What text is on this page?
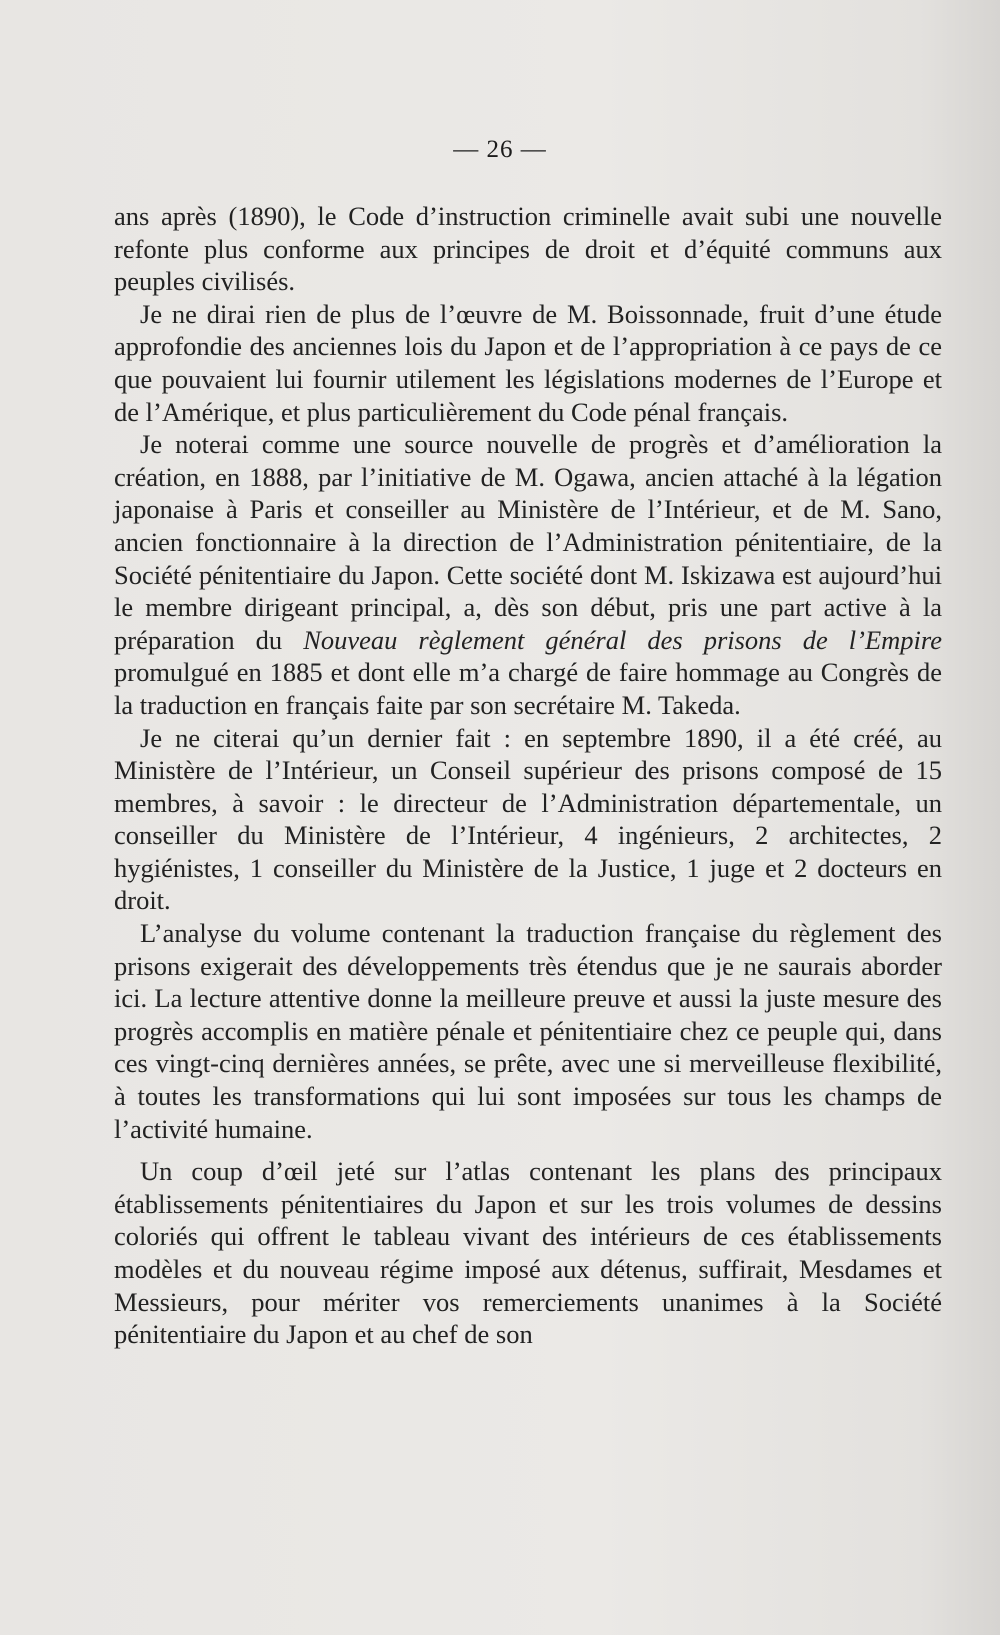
— 26 —

ans après (1890), le Code d’instruction criminelle avait subi une nouvelle refonte plus conforme aux principes de droit et d’équité communs aux peuples civilisés.

Je ne dirai rien de plus de l’œuvre de M. Boissonnade, fruit d’une étude approfondie des anciennes lois du Japon et de l’appropriation à ce pays de ce que pouvaient lui fournir utilement les législations modernes de l’Europe et de l’Amérique, et plus particulièrement du Code pénal français.

Je noterai comme une source nouvelle de progrès et d’amélioration la création, en 1888, par l’initiative de M. Ogawa, ancien attaché à la légation japonaise à Paris et conseiller au Ministère de l’Intérieur, et de M. Sano, ancien fonctionnaire à la direction de l’Administration pénitentiaire, de la Société pénitentiaire du Japon. Cette société dont M. Iskizawa est aujourd’hui le membre dirigeant principal, a, dès son début, pris une part active à la préparation du Nouveau règlement général des prisons de l’Empire promulgué en 1885 et dont elle m’a chargé de faire hommage au Congrès de la traduction en français faite par son secrétaire M. Takeda.

Je ne citerai qu’un dernier fait : en septembre 1890, il a été créé, au Ministère de l’Intérieur, un Conseil supérieur des prisons composé de 15 membres, à savoir : le directeur de l’Administration départementale, un conseiller du Ministère de l’Intérieur, 4 ingénieurs, 2 architectes, 2 hygiénistes, 1 conseiller du Ministère de la Justice, 1 juge et 2 docteurs en droit.

L’analyse du volume contenant la traduction française du règlement des prisons exigerait des développements très étendus que je ne saurais aborder ici. La lecture attentive donne la meilleure preuve et aussi la juste mesure des progrès accomplis en matière pénale et pénitentiaire chez ce peuple qui, dans ces vingt-cinq dernières années, se prête, avec une si merveilleuse flexibilité, à toutes les transformations qui lui sont imposées sur tous les champs de l’activité humaine.

Un coup d’œil jeté sur l’atlas contenant les plans des principaux établissements pénitentiaires du Japon et sur les trois volumes de dessins coloriés qui offrent le tableau vivant des intérieurs de ces établissements modèles et du nouveau régime imposé aux détenus, suffirait, Mesdames et Messieurs, pour mériter vos remerciements unanimes à la Société pénitentiaire du Japon et au chef de son
